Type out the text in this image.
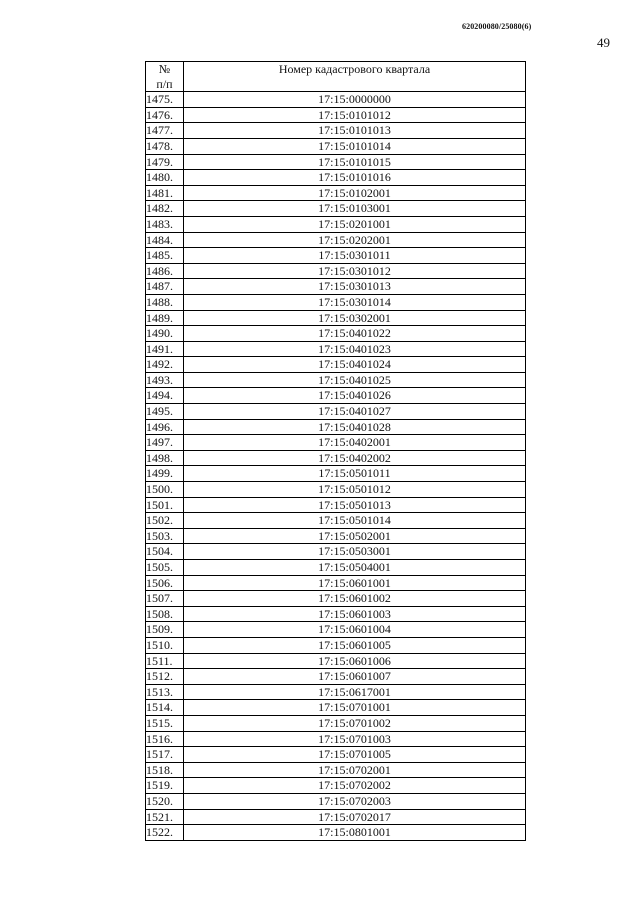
620200080/25080(6)
49
№
п/п	Номер кадастрового квартала
1475.	17:15:0000000
1476.	17:15:0101012
1477.	17:15:0101013
1478.	17:15:0101014
1479.	17:15:0101015
1480.	17:15:0101016
1481.	17:15:0102001
1482.	17:15:0103001
1483.	17:15:0201001
1484.	17:15:0202001
1485.	17:15:0301011
1486.	17:15:0301012
1487.	17:15:0301013
1488.	17:15:0301014
1489.	17:15:0302001
1490.	17:15:0401022
1491.	17:15:0401023
1492.	17:15:0401024
1493.	17:15:0401025
1494.	17:15:0401026
1495.	17:15:0401027
1496.	17:15:0401028
1497.	17:15:0402001
1498.	17:15:0402002
1499.	17:15:0501011
1500.	17:15:0501012
1501.	17:15:0501013
1502.	17:15:0501014
1503.	17:15:0502001
1504.	17:15:0503001
1505.	17:15:0504001
1506.	17:15:0601001
1507.	17:15:0601002
1508.	17:15:0601003
1509.	17:15:0601004
1510.	17:15:0601005
1511.	17:15:0601006
1512.	17:15:0601007
1513.	17:15:0617001
1514.	17:15:0701001
1515.	17:15:0701002
1516.	17:15:0701003
1517.	17:15:0701005
1518.	17:15:0702001
1519.	17:15:0702002
1520.	17:15:0702003
1521.	17:15:0702017
1522.	17:15:0801001
